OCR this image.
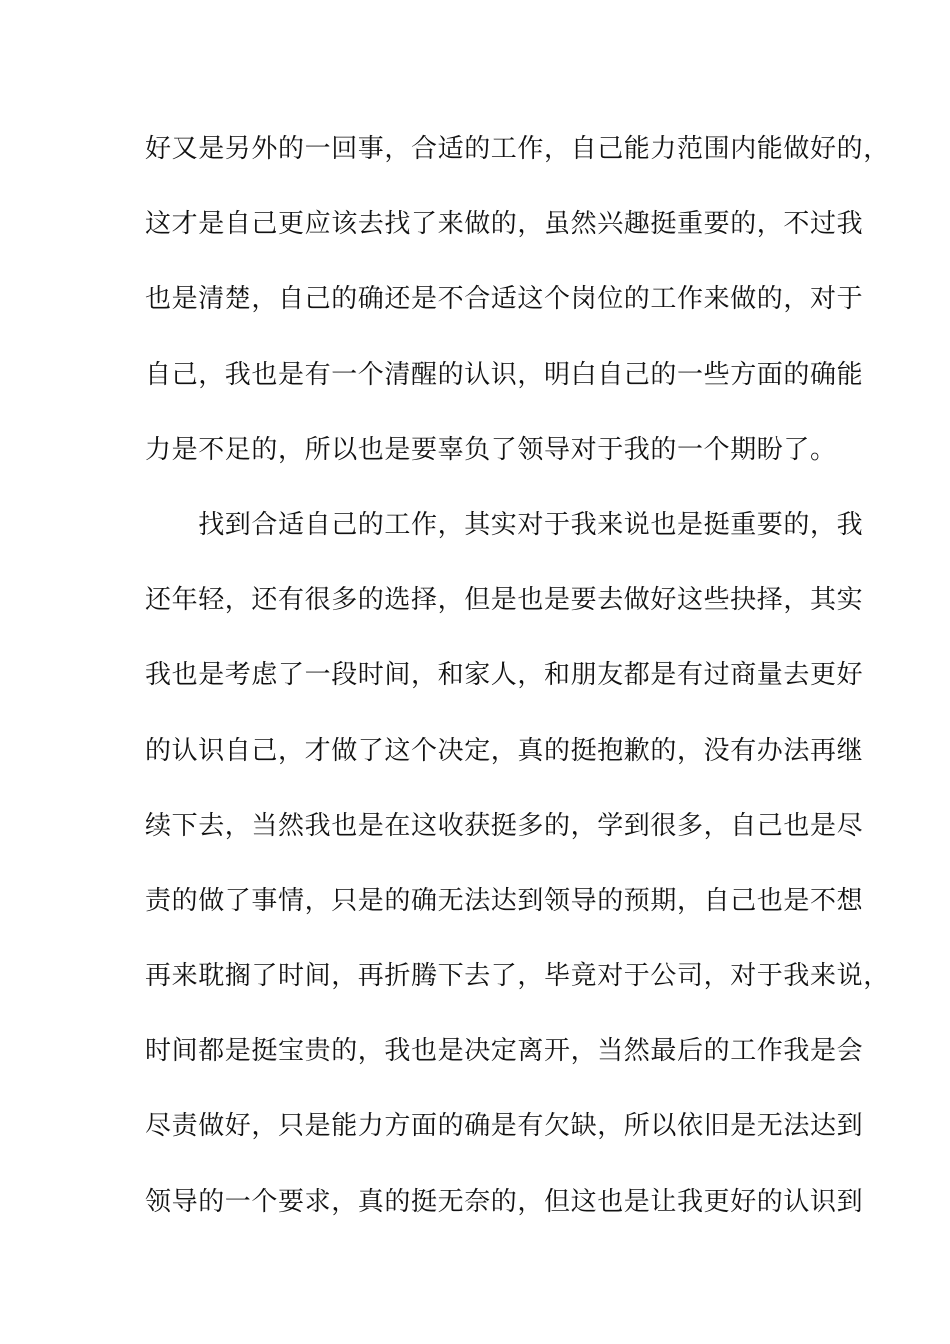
好又是另外的一回事，合适的工作，自己能力范围内能做好的，
这才是自己更应该去找了来做的，虽然兴趣挺重要的，不过我
也是清楚，自己的确还是不合适这个岗位的工作来做的，对于
自己，我也是有一个清醒的认识，明白自己的一些方面的确能
力是不足的，所以也是要辜负了领导对于我的一个期盼了。
　　找到合适自己的工作，其实对于我来说也是挺重要的，我
还年轻，还有很多的选择，但是也是要去做好这些抉择，其实
我也是考虑了一段时间，和家人，和朋友都是有过商量去更好
的认识自己，才做了这个决定，真的挺抱歉的，没有办法再继
续下去，当然我也是在这收获挺多的，学到很多，自己也是尽
责的做了事情，只是的确无法达到领导的预期，自己也是不想
再来耽搁了时间，再折腾下去了，毕竟对于公司，对于我来说，
时间都是挺宝贵的，我也是决定离开，当然最后的工作我是会
尽责做好，只是能力方面的确是有欠缺，所以依旧是无法达到
领导的一个要求，真的挺无奈的，但这也是让我更好的认识到
